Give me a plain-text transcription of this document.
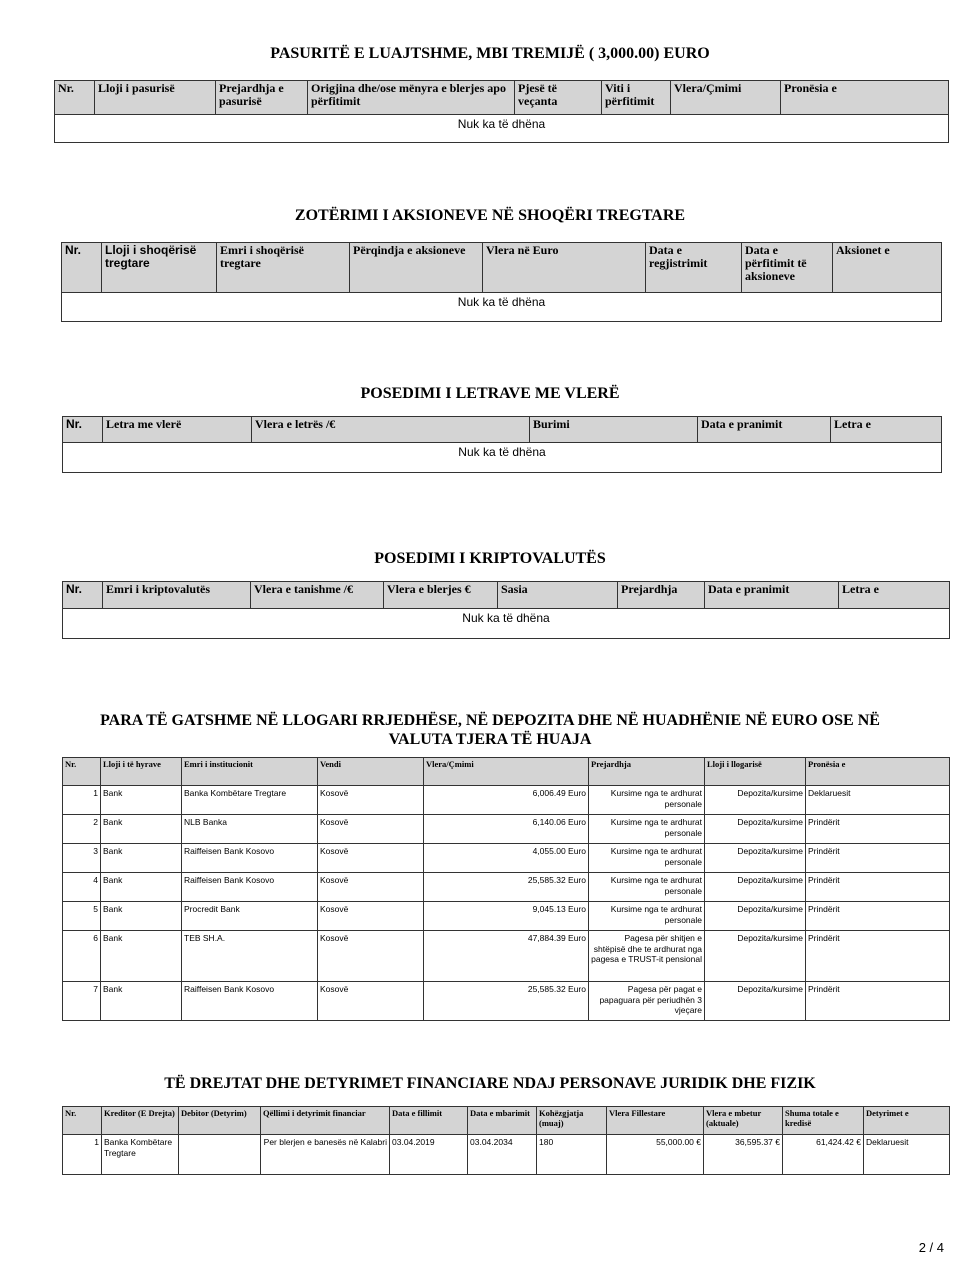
PASURITË E LUAJTSHME, MBI TREMIJË ( 3,000.00) EURO
Nr.	Lloji i pasurisë	Prejardhja e pasurisë	Origjina dhe/ose mënyra e blerjes apo përfitimit	Pjesë të veçanta	Viti i përfitimit	Vlera/Çmimi	Pronësia e
Nuk ka të dhëna
ZOTËRIMI I AKSIONEVE NË SHOQËRI TREGTARE
Nr.	Lloji i shoqërisë tregtare	Emri i shoqërisë tregtare	Përqindja e aksioneve	Vlera në Euro	Data e regjistrimit	Data e përfitimit të aksioneve	Aksionet e
Nuk ka të dhëna
POSEDIMI I LETRAVE ME VLERË
Nr.	Letra me vlerë	Vlera e letrës /€	Burimi	Data e pranimit	Letra e
Nuk ka të dhëna
POSEDIMI I KRIPTOVALUTËS
Nr.	Emri i kriptovalutës	Vlera e tanishme /€	Vlera e blerjes €	Sasia	Prejardhja	Data e pranimit	Letra e
Nuk ka të dhëna
PARA TË GATSHME NË LLOGARI RRJEDHËSE, NË DEPOZITA DHE NË HUADHËNIE NË EURO OSE NË
VALUTA TJERA TË HUAJA
Nr.	Lloji i të hyrave	Emri i institucionit	Vendi	Vlera/Çmimi	Prejardhja	Lloji i llogarisë	Pronësia e
1	Bank	Banka Kombëtare Tregtare	Kosovë	6,006.49 Euro	Kursime nga te ardhurat personale	Depozita/kursime	Deklaruesit
2	Bank	NLB Banka	Kosovë	6,140.06 Euro	Kursime nga te ardhurat personale	Depozita/kursime	Prindërit
3	Bank	Raiffeisen Bank Kosovo	Kosovë	4,055.00 Euro	Kursime nga te ardhurat personale	Depozita/kursime	Prindërit
4	Bank	Raiffeisen Bank Kosovo	Kosovë	25,585.32 Euro	Kursime nga te ardhurat personale	Depozita/kursime	Prindërit
5	Bank	Procredit Bank	Kosovë	9,045.13 Euro	Kursime nga te ardhurat personale	Depozita/kursime	Prindërit
6	Bank	TEB SH.A.	Kosovë	47,884.39 Euro	Pagesa për shitjen e shtëpisë dhe te ardhurat nga pagesa e TRUST-it pensional	Depozita/kursime	Prindërit
7	Bank	Raiffeisen Bank Kosovo	Kosovë	25,585.32 Euro	Pagesa për pagat e papaguara për periudhën 3 vjeçare	Depozita/kursime	Prindërit
TË DREJTAT DHE DETYRIMET FINANCIARE NDAJ PERSONAVE JURIDIK DHE FIZIK
Nr.	Kreditor (E Drejta)	Debitor (Detyrim)	Qëllimi i detyrimit financiar	Data e fillimit	Data e mbarimit	Kohëzgjatja (muaj)	Vlera Fillestare	Vlera e mbetur (aktuale)	Shuma totale e kredisë	Detyrimet e
1	Banka Kombëtare Tregtare		Per blerjen e banesës në Kalabri	03.04.2019	03.04.2034	180	55,000.00 €	36,595.37 €	61,424.42 €	Deklaruesit
2 / 4
